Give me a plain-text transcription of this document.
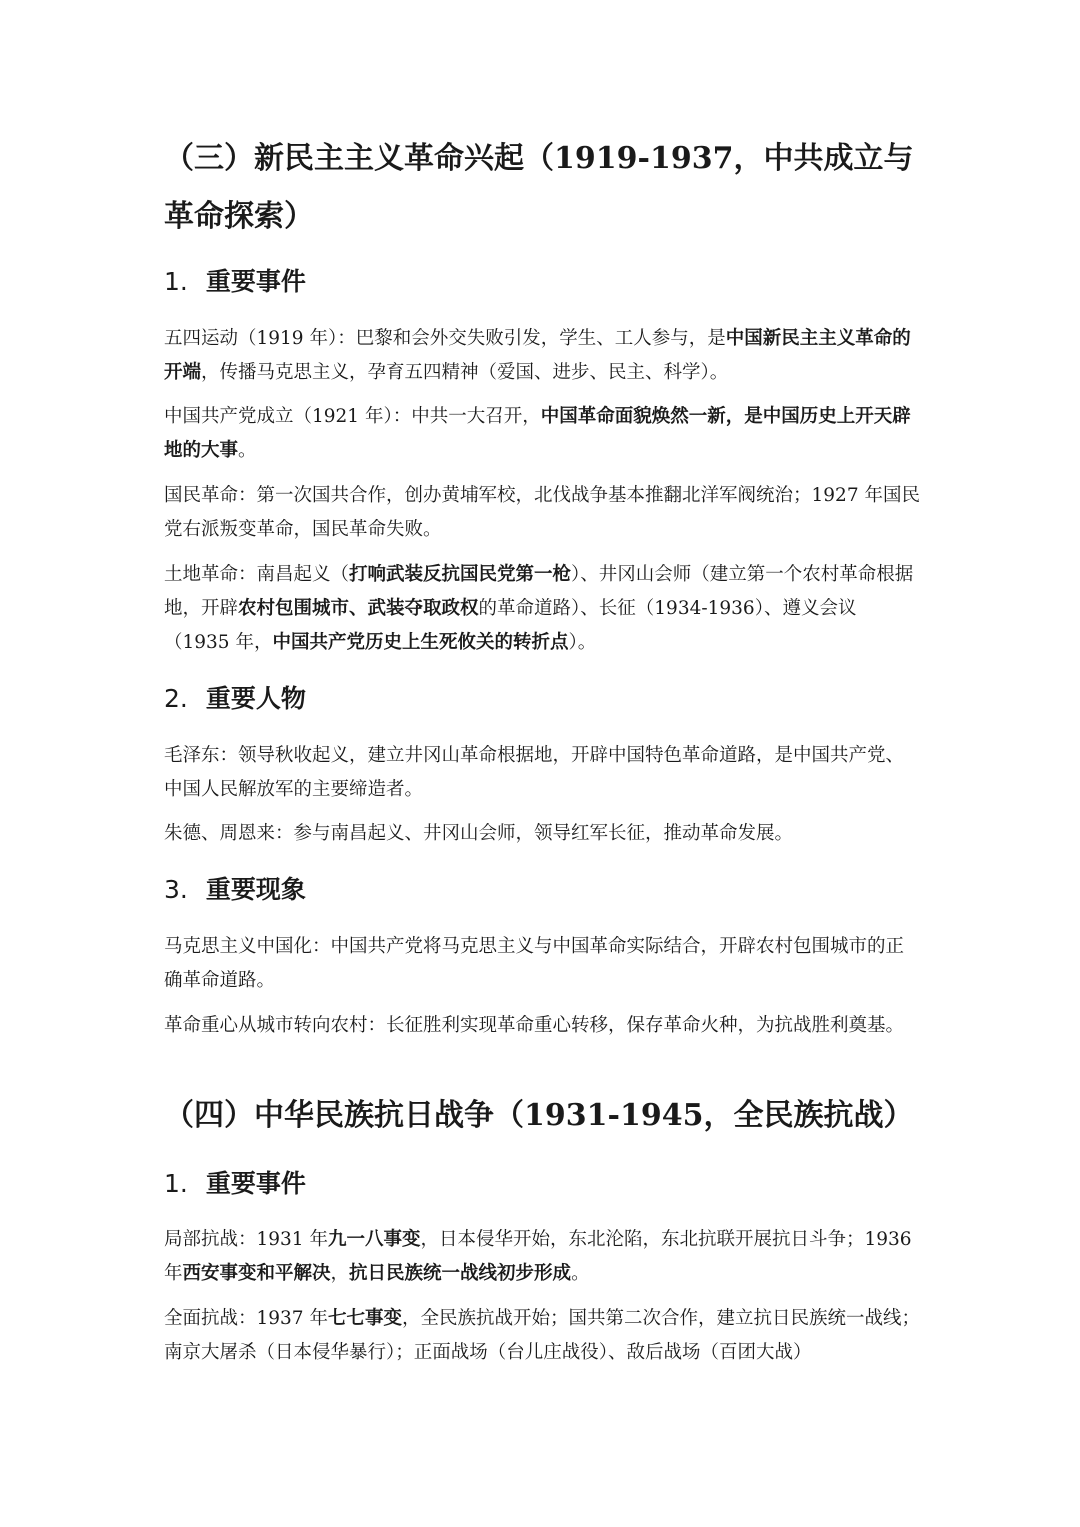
（三）新民主主义革命兴起（1919-1937，中共成立与革命探索）
1. 重要事件

五四运动（1919 年）：巴黎和会外交失败引发，学生、工人参与，是中国新民主主义革命的开端，传播马克思主义，孕育五四精神（爱国、进步、民主、科学）。

中国共产党成立（1921 年）：中共一大召开，中国革命面貌焕然一新，是中国历史上开天辟地的大事。

国民革命：第一次国共合作，创办黄埔军校，北伐战争基本推翻北洋军阀统治；1927 年国民党右派叛变革命，国民革命失败。

土地革命：南昌起义（打响武装反抗国民党第一枪）、井冈山会师（建立第一个农村革命根据地，开辟农村包围城市、武装夺取政权的革命道路）、长征（1934-1936）、遵义会议（1935 年，中国共产党历史上生死攸关的转折点）。

2. 重要人物

毛泽东：领导秋收起义，建立井冈山革命根据地，开辟中国特色革命道路，是中国共产党、中国人民解放军的主要缔造者。

朱德、周恩来：参与南昌起义、井冈山会师，领导红军长征，推动革命发展。

3. 重要现象

马克思主义中国化：中国共产党将马克思主义与中国革命实际结合，开辟农村包围城市的正确革命道路。

革命重心从城市转向农村：长征胜利实现革命重心转移，保存革命火种，为抗战胜利奠基。

（四）中华民族抗日战争（1931-1945，全民族抗战）
1. 重要事件

局部抗战：1931 年九一八事变，日本侵华开始，东北沦陷，东北抗联开展抗日斗争；1936 年西安事变和平解决，抗日民族统一战线初步形成。

全面抗战：1937 年七七事变，全民族抗战开始；国共第二次合作，建立抗日民族统一战线；南京大屠杀（日本侵华暴行）；正面战场（台儿庄战役）、敌后战场（百团大战）
